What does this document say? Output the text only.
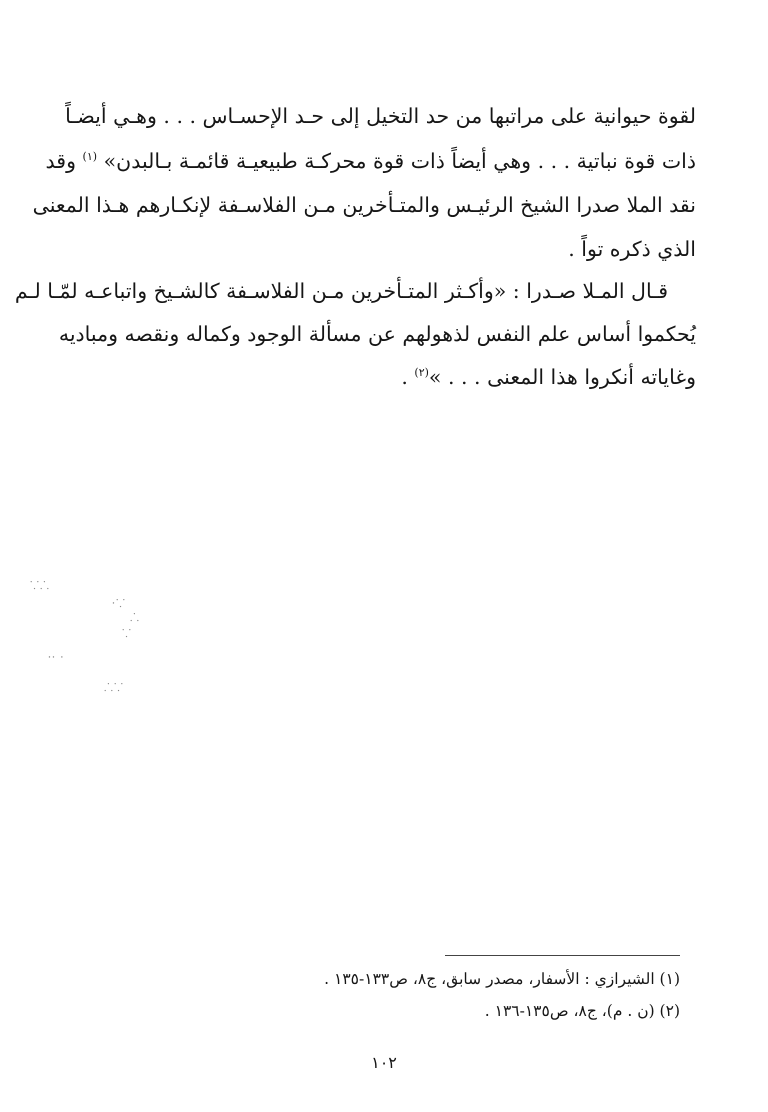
لقوة حيوانية على مراتبها من حد التخيل إلى حـد الإحسـاس . . . وهـي أيضـاً
ذات قوة نباتية . . . وهي أيضاً ذات قوة محركـة طبيعيـة قائمـة بـالبدن» $^{(١)}$ وقد
نقد الملا صدرا الشيخ الرئيـس والمتـأخرين مـن الفلاسـفة لإنكـارهم هـذا المعنى
الذي ذكره تواً .
قـال المـلا صـدرا : «وأكـثر المتـأخرين مـن الفلاسـفة كالشـيخ واتباعـه لمّـا لـم
يُحكموا أساس علم النفس لذهولهم عن مسألة الوجود وكماله ونقصه ومباديه
وغاياته أنكروا هذا المعنى . . . »$^{(٢)}$ .
⸪⸫
⸱⸪
⸫
⸪
⸱⸱ ⸱
⸫⸪
(١) الشيرازي : الأسفار، مصدر سابق، ج٨، ص١٣٣-١٣٥ .
(٢) (ن . م)، ج٨، ص١٣٥-١٣٦ .
١٠٢
